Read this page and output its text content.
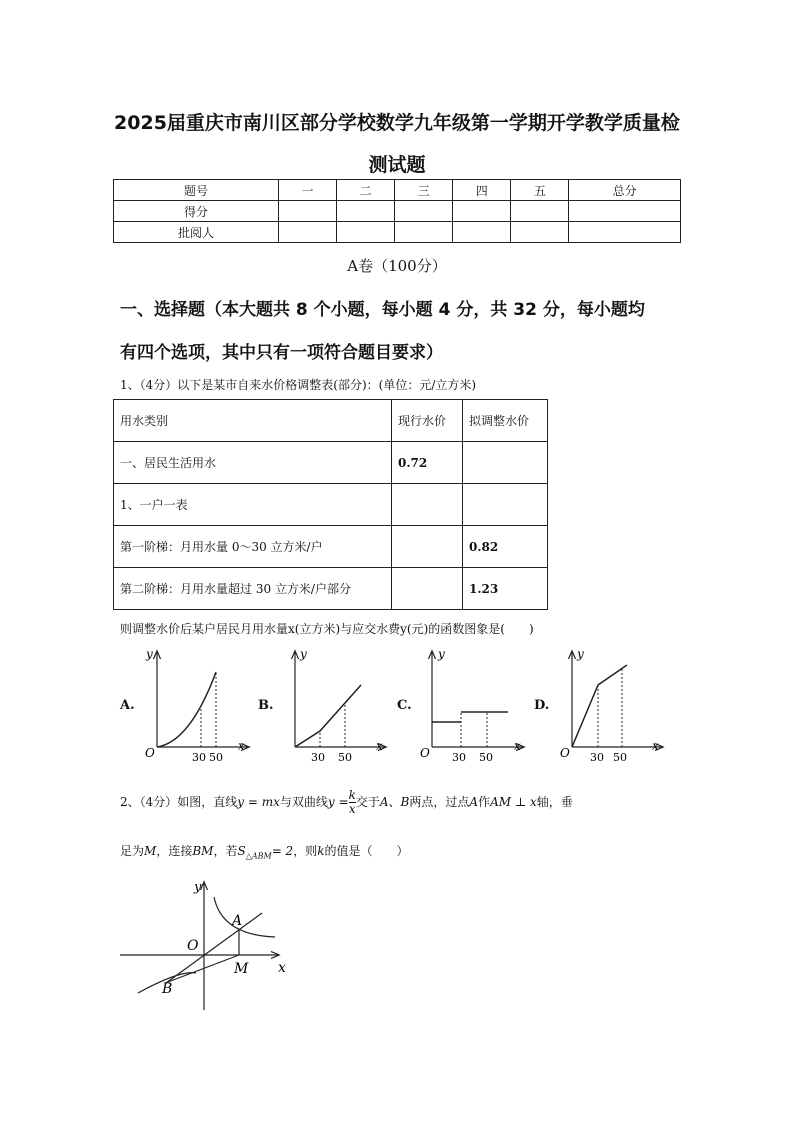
2025届重庆市南川区部分学校数学九年级第一学期开学教学质量检
测试题
题号	一	二	三	四	五	总分
得分						
批阅人						
A卷（100分）
一、选择题（本大题共 8 个小题，每小题 4 分，共 32 分，每小题均
有四个选项，其中只有一项符合题目要求）
1、（4分）以下是某市自来水价格调整表(部分)：(单位：元/立方米)
用水类别	现行水价	拟调整水价
一、居民生活用水	0.72	
1、一户一表		
第一阶梯：月用水量 0～30 立方米/户		0.82
第二阶梯：月用水量超过 30 立方米/户部分		1.23
则调整水价后某户居民月用水量x(立方米)与应交水费y(元)的函数图象是(　　)
A.	B.	C.	D.
y
x
O	30 50
y
x
30 50
y
x
O 30 50
y
x
O 30 50
2、（4分）如图，直线y = mx与双曲线$y = \frac{k}{x}$ 交于A、B两点，过点A作AM ⊥ x轴，垂
足为M，连接BM，若$S_{\triangle ABM}= 2$，则k的值是（　　）
y
x
O
A
B
M
